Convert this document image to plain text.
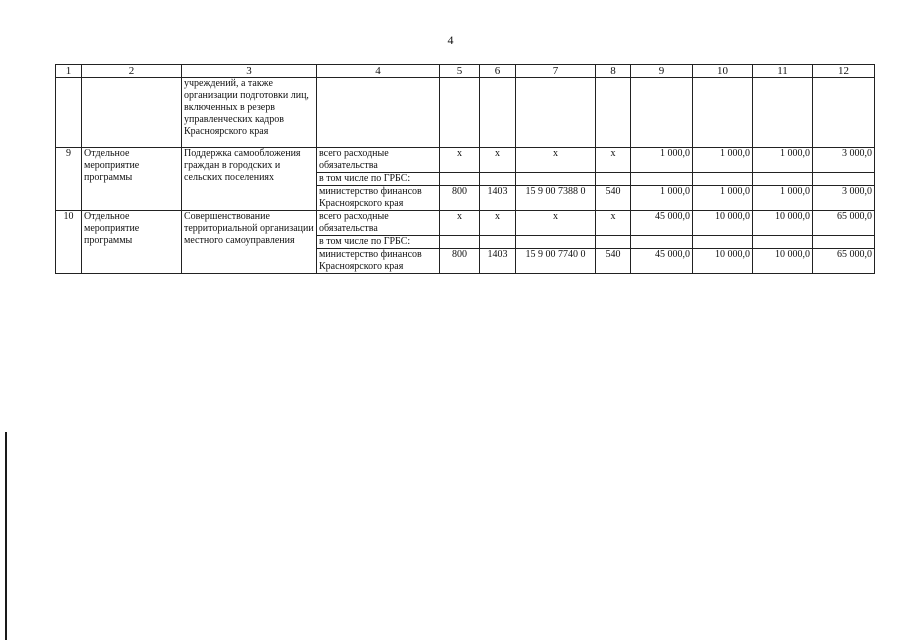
4
1	2	3	4	5	6	7	8	9	10	11	12
		учреждений, а также организации подготовки лиц, включенных в резерв управленческих кадров Красноярского края									
9	Отдельное мероприятие программы	Поддержка самообложения граждан в городских и сельских поселениях	всего расходные обязательства	x	x	x	x	1 000,0	1 000,0	1 000,0	3 000,0
			в том числе по ГРБС:								
			министерство финансов Красноярского края	800	1403	15 9 00 7388 0	540	1 000,0	1 000,0	1 000,0	3 000,0
10	Отдельное мероприятие программы	Совершенствование территориальной организации местного самоуправления	всего расходные обязательства	x	x	x	x	45 000,0	10 000,0	10 000,0	65 000,0
			в том числе по ГРБС:								
			министерство финансов Красноярского края	800	1403	15 9 00 7740 0	540	45 000,0	10 000,0	10 000,0	65 000,0
